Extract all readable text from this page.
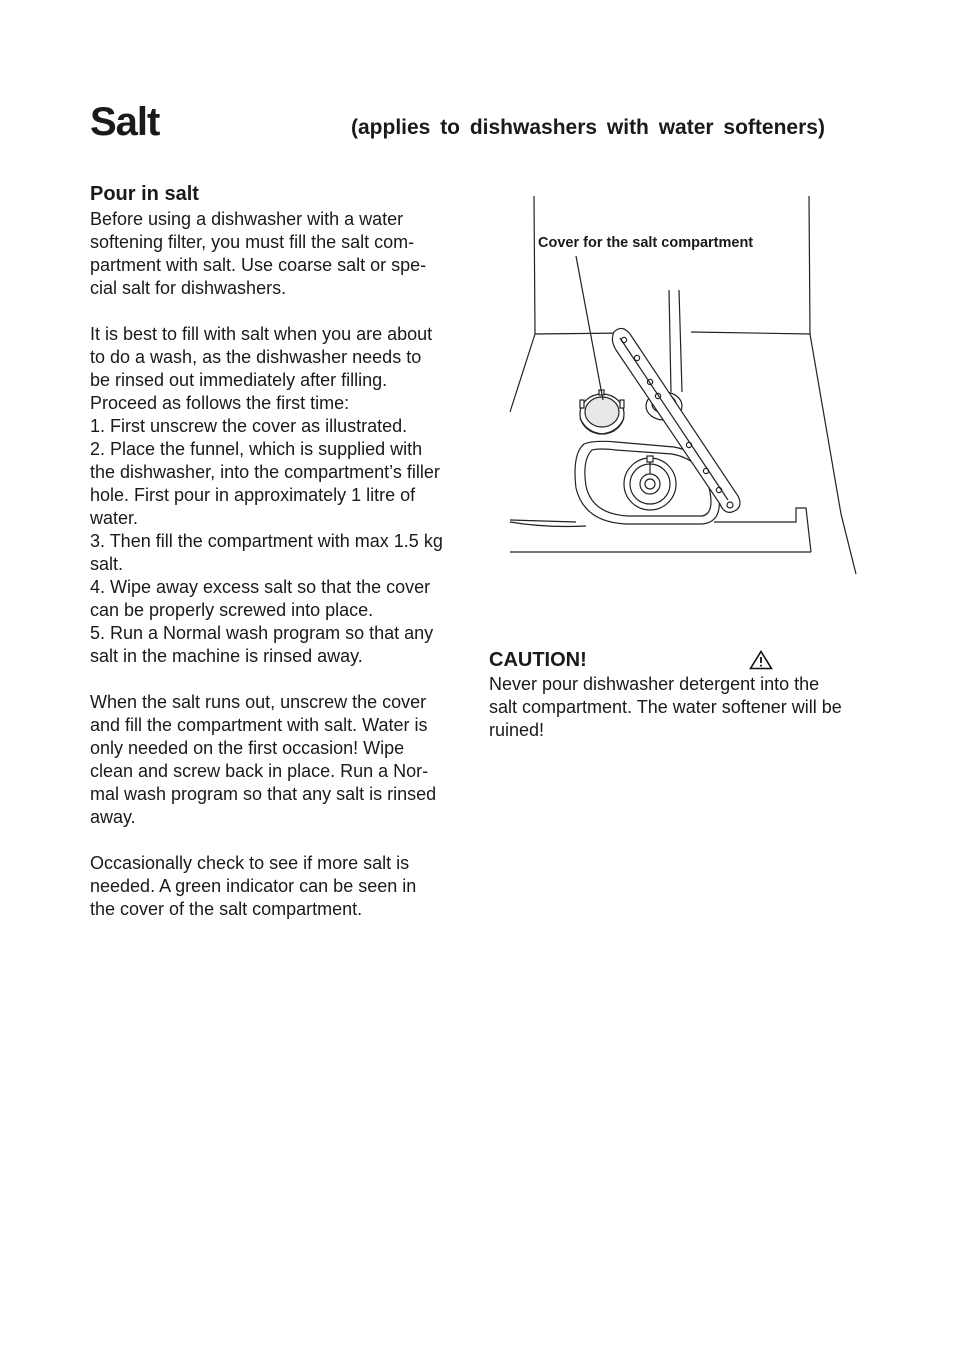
Salt	(applies to dishwashers with water softeners)
Pour in salt
Before using a dishwasher with a water
softening filter, you must fill the salt com-
partment with salt. Use coarse salt or spe-
cial salt for dishwashers.
It is best to fill with salt when you are about
to do a wash, as the dishwasher needs to
be rinsed out immediately after filling.
Proceed as follows the first time:
1. First unscrew the cover as illustrated.
2. Place the funnel, which is supplied with
the dishwasher, into the compartment’s filler
hole. First pour in approximately 1 litre of
water.
3. Then fill the compartment with max 1.5 kg
salt.
4. Wipe away excess salt so that the cover
can be properly screwed into place.
5. Run a Normal wash program so that any
salt in the machine is rinsed away.
When the salt runs out, unscrew the cover
and fill the compartment with salt. Water is
only needed on the first occasion! Wipe
clean and screw back in place. Run a Nor-
mal wash program so that any salt is rinsed
away.
Occasionally check to see if more salt is
needed. A green indicator can be seen in
the cover of the salt compartment.
Cover for the salt compartment
CAUTION!
Never pour dishwasher detergent into the
salt compartment. The water softener will be
ruined!
